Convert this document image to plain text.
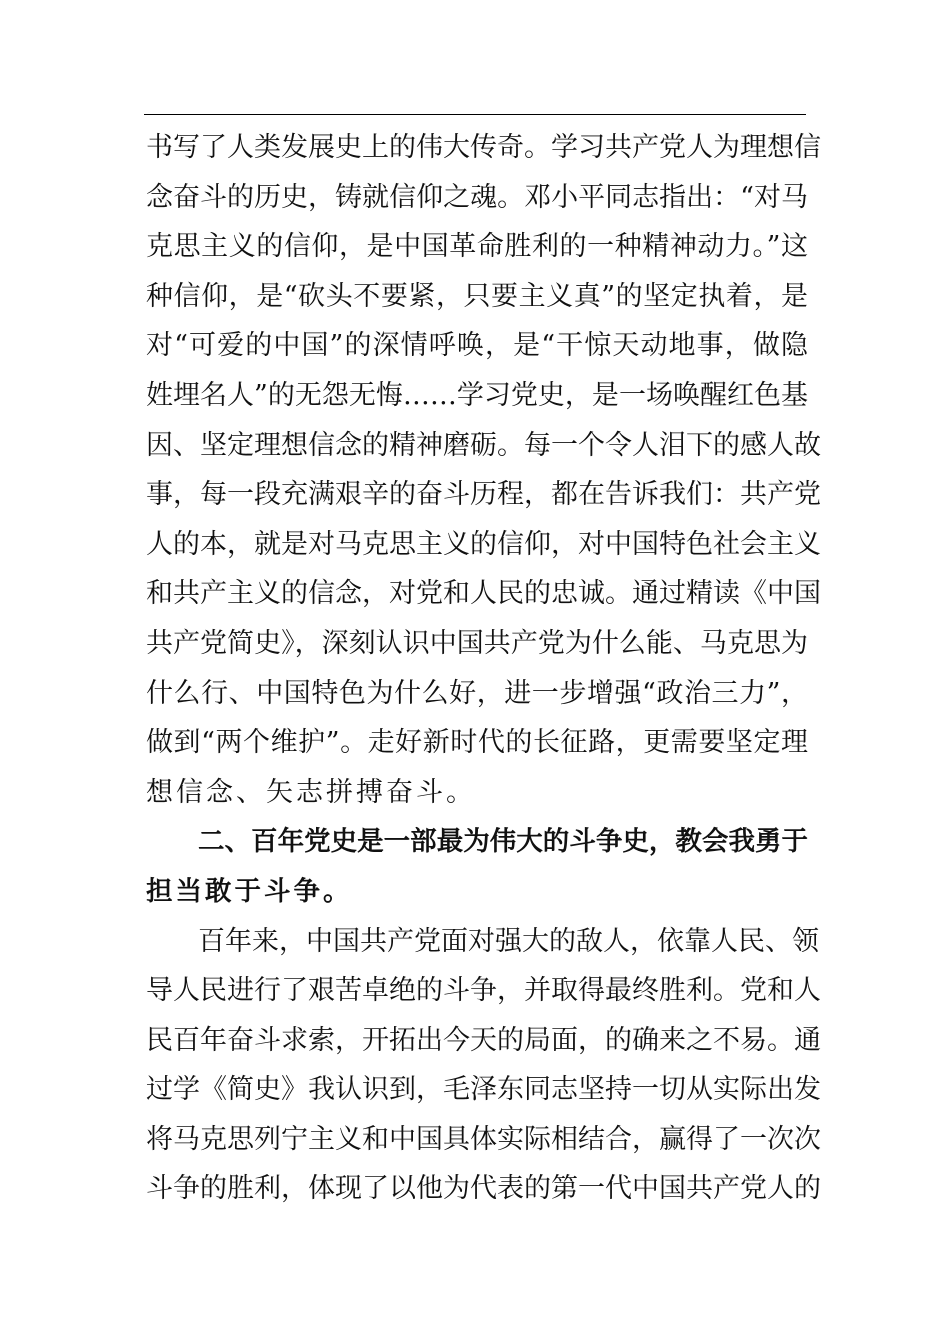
书写了人类发展史上的伟大传奇。学习共产党人为理想信
念奋斗的历史，铸就信仰之魂。邓小平同志指出：“对马
克思主义的信仰，是中国革命胜利的一种精神动力。”这
种信仰，是“砍头不要紧，只要主义真”的坚定执着，是
对“可爱的中国”的深情呼唤，是“干惊天动地事，做隐
姓埋名人”的无怨无悔……学习党史，是一场唤醒红色基
因、坚定理想信念的精神磨砺。每一个令人泪下的感人故
事，每一段充满艰辛的奋斗历程，都在告诉我们：共产党
人的本，就是对马克思主义的信仰，对中国特色社会主义
和共产主义的信念，对党和人民的忠诚。通过精读《中国
共产党简史》，深刻认识中国共产党为什么能、马克思为
什么行、中国特色为什么好，进一步增强“政治三力”，
做到“两个维护”。走好新时代的长征路，更需要坚定理
想信念、矢志拼搏奋斗。
二、百年党史是一部最为伟大的斗争史，教会我勇于
担当敢于斗争。
百年来，中国共产党面对强大的敌人，依靠人民、领
导人民进行了艰苦卓绝的斗争，并取得最终胜利。党和人
民百年奋斗求索，开拓出今天的局面，的确来之不易。通
过学《简史》我认识到，毛泽东同志坚持一切从实际出发
将马克思列宁主义和中国具体实际相结合，赢得了一次次
斗争的胜利，体现了以他为代表的第一代中国共产党人的
